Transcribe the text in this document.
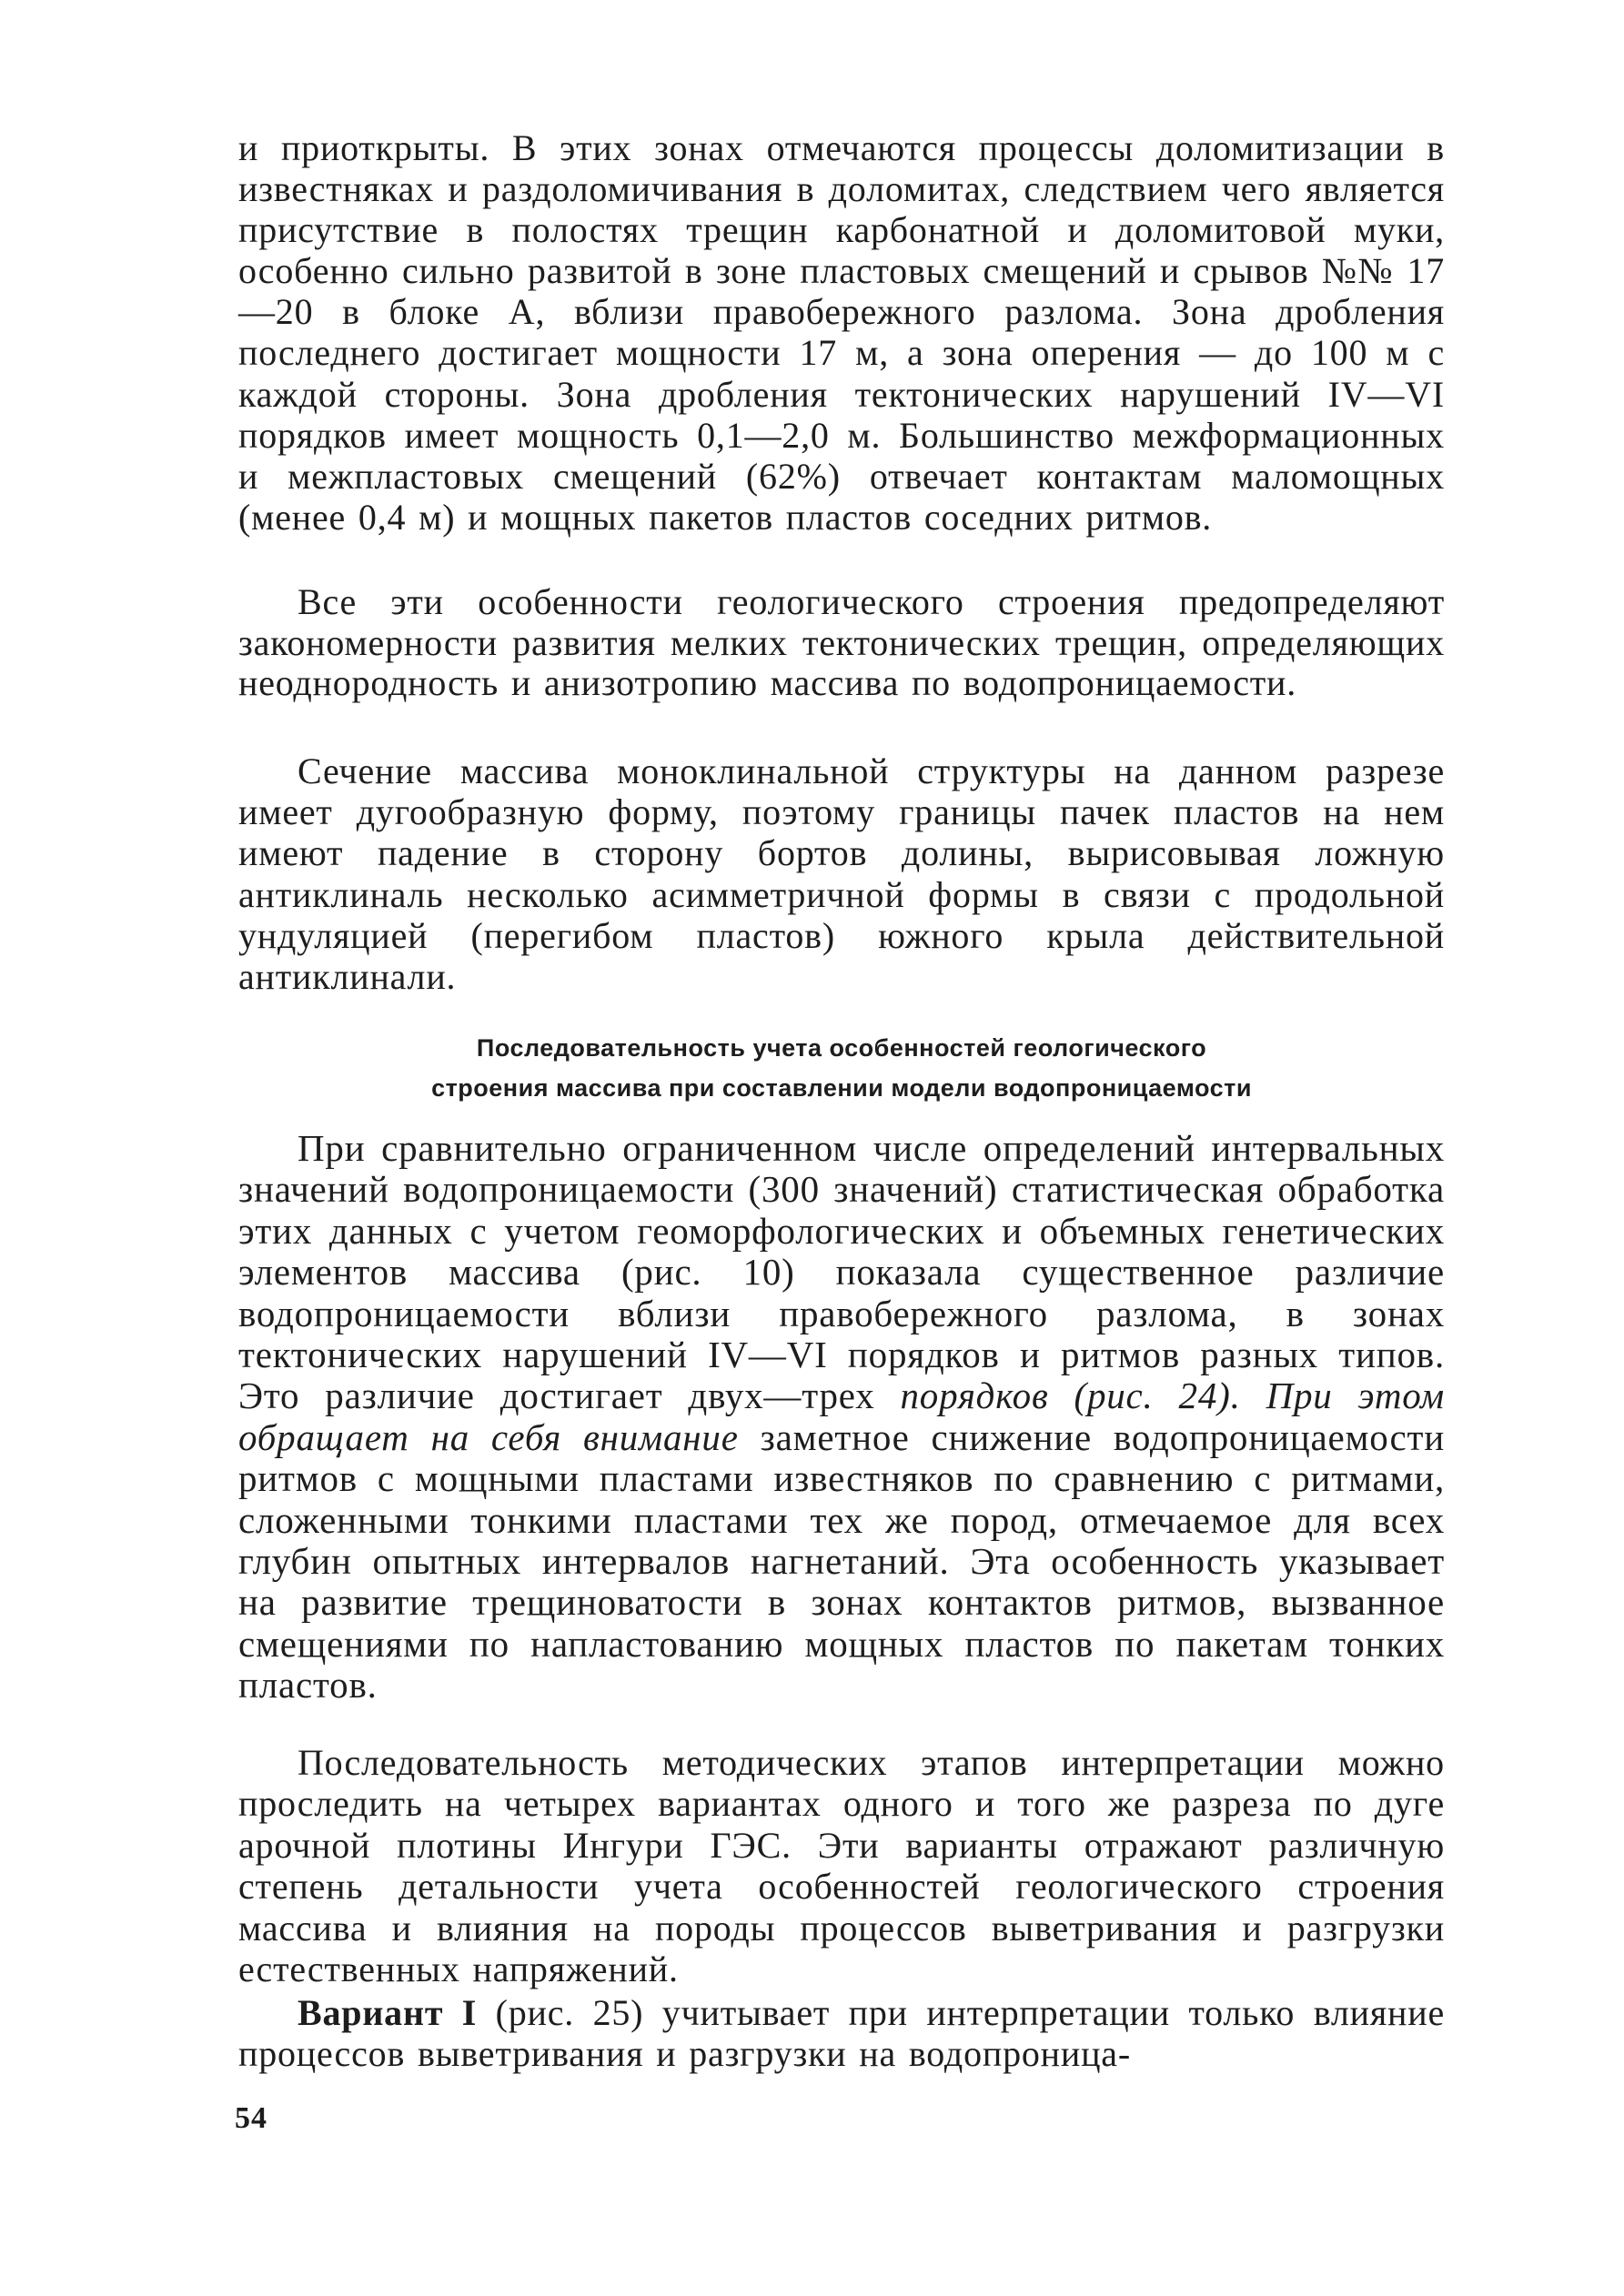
и приоткрыты. В этих зонах отмечаются процессы доломитизации в известняках и раздоломичивания в доломитах, следствием чего является присутствие в полостях трещин карбонатной и доломитовой муки, особенно сильно развитой в зоне пластовых смещений и срывов №№ 17—20 в блоке А, вблизи правобережного разлома. Зона дробления последнего достигает мощности 17 м, а зона оперения — до 100 м с каждой стороны. Зона дробления тектонических нарушений IV—VI порядков имеет мощность 0,1—2,0 м. Большинство межформационных и межпластовых смещений (62%) отвечает контактам маломощных (менее 0,4 м) и мощных пакетов пластов соседних ритмов.

Все эти особенности геологического строения предопределяют закономерности развития мелких тектонических трещин, определяющих неоднородность и анизотропию массива по водопроницаемости.

Сечение массива моноклинальной структуры на данном разрезе имеет дугообразную форму, поэтому границы пачек пластов на нем имеют падение в сторону бортов долины, вырисовывая ложную антиклиналь несколько асимметричной формы в связи с продольной ундуляцией (перегибом пластов) южного крыла действительной антиклинали.

Последовательность учета особенностей геологического
строения массива при составлении модели водопроницаемости

При сравнительно ограниченном числе определений интервальных значений водопроницаемости (300 значений) статистическая обработка этих данных с учетом геоморфологических и объемных генетических элементов массива (рис. 10) показала существенное различие водопроницаемости вблизи правобережного разлома, в зонах тектонических нарушений IV—VI порядков и ритмов разных типов. Это различие достигает двух—трех порядков (рис. 24). При этом обращает на себя внимание заметное снижение водопроницаемости ритмов с мощными пластами известняков по сравнению с ритмами, сложенными тонкими пластами тех же пород, отмечаемое для всех глубин опытных интервалов нагнетаний. Эта особенность указывает на развитие трещиноватости в зонах контактов ритмов, вызванное смещениями по напластованию мощных пластов по пакетам тонких пластов.

Последовательность методических этапов интерпретации можно проследить на четырех вариантах одного и того же разреза по дуге арочной плотины Ингури ГЭС. Эти варианты отражают различную степень детальности учета особенностей геологического строения массива и влияния на породы процессов выветривания и разгрузки естественных напряжений.

Вариант I (рис. 25) учитывает при интерпретации только влияние процессов выветривания и разгрузки на водопроница-

54
